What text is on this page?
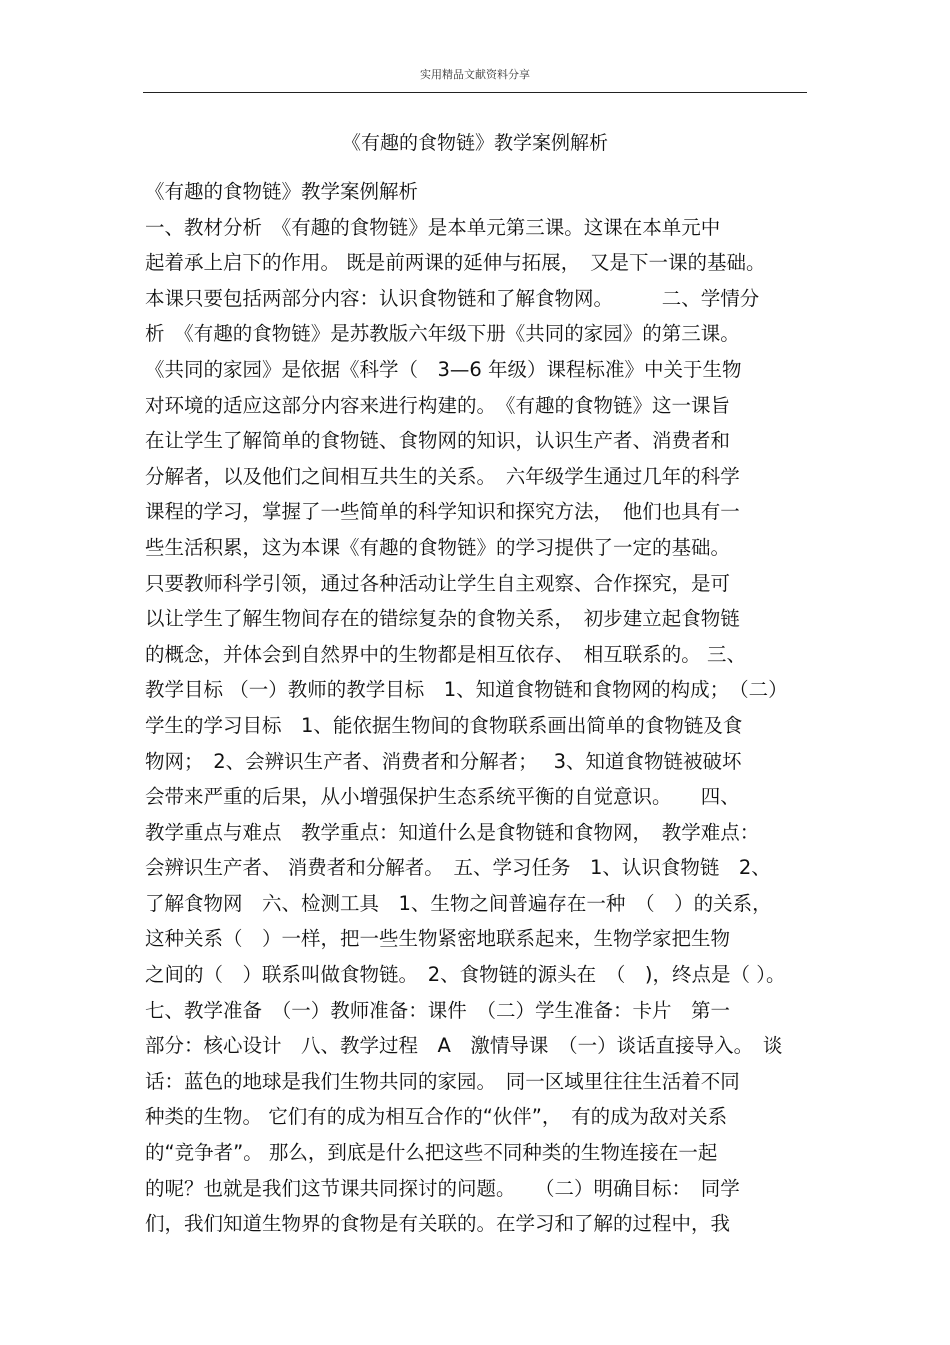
实用精品文献资料分享
《有趣的食物链》教学案例解析
《有趣的食物链》教学案例解析
一、教材分析　《有趣的食物链》是本单元第三课。这课在本单元中
起着承上启下的作用。 既是前两课的延伸与拓展，　又是下一课的基础。
本课只要包括两部分内容：认识食物链和了解食物网。　　　二、学情分
析　《有趣的食物链》是苏教版六年级下册《共同的家园》的第三课。
《共同的家园》是依据《科学（　3—6 年级）课程标准》中关于生物
对环境的适应这部分内容来进行构建的。　《有趣的食物链》这一课旨
在让学生了解简单的食物链、食物网的知识，认识生产者、消费者和
分解者，以及他们之间相互共生的关系。　六年级学生通过几年的科学
课程的学习，掌握了一些简单的科学知识和探究方法，　他们也具有一
些生活积累，这为本课《有趣的食物链》的学习提供了一定的基础。
只要教师科学引领，通过各种活动让学生自主观察、合作探究，是可
以让学生了解生物间存在的错综复杂的食物关系，　初步建立起食物链
的概念，并体会到自然界中的生物都是相互依存、　相互联系的。 三、
教学目标 （一）教师的教学目标　1、知道食物链和食物网的构成；　（二）
学生的学习目标　1、能依据生物间的食物联系画出简单的食物链及食
物网；　2、会辨识生产者、消费者和分解者；　 3、知道食物链被破坏
会带来严重的后果，从小增强保护生态系统平衡的自觉意识。　　四、
教学重点与难点　教学重点：知道什么是食物链和食物网，　教学难点：
会辨识生产者、 消费者和分解者。　五、学习任务　1、认识食物链　2、
了解食物网　六、检测工具　1、生物之间普遍存在一种　（　）的关系，
这种关系（　）一样，把一些生物紧密地联系起来，生物学家把生物
之间的（　）联系叫做食物链。　2、食物链的源头在　（　)，终点是（ ）。
七、教学准备　（一）教师准备：课件　（二）学生准备：卡片　第一
部分：核心设计　八、教学过程　A　激情导课　（一）谈话直接导入。　谈
话：蓝色的地球是我们生物共同的家园。　同一区域里往往生活着不同
种类的生物。 它们有的成为相互合作的“伙伴”，　有的成为敌对关系
的“竞争者”。 那么，到底是什么把这些不同种类的生物连接在一起
的呢？也就是我们这节课共同探讨的问题。　　（二）明确目标：　同学
们，我们知道生物界的食物是有关联的。在学习和了解的过程中，我
